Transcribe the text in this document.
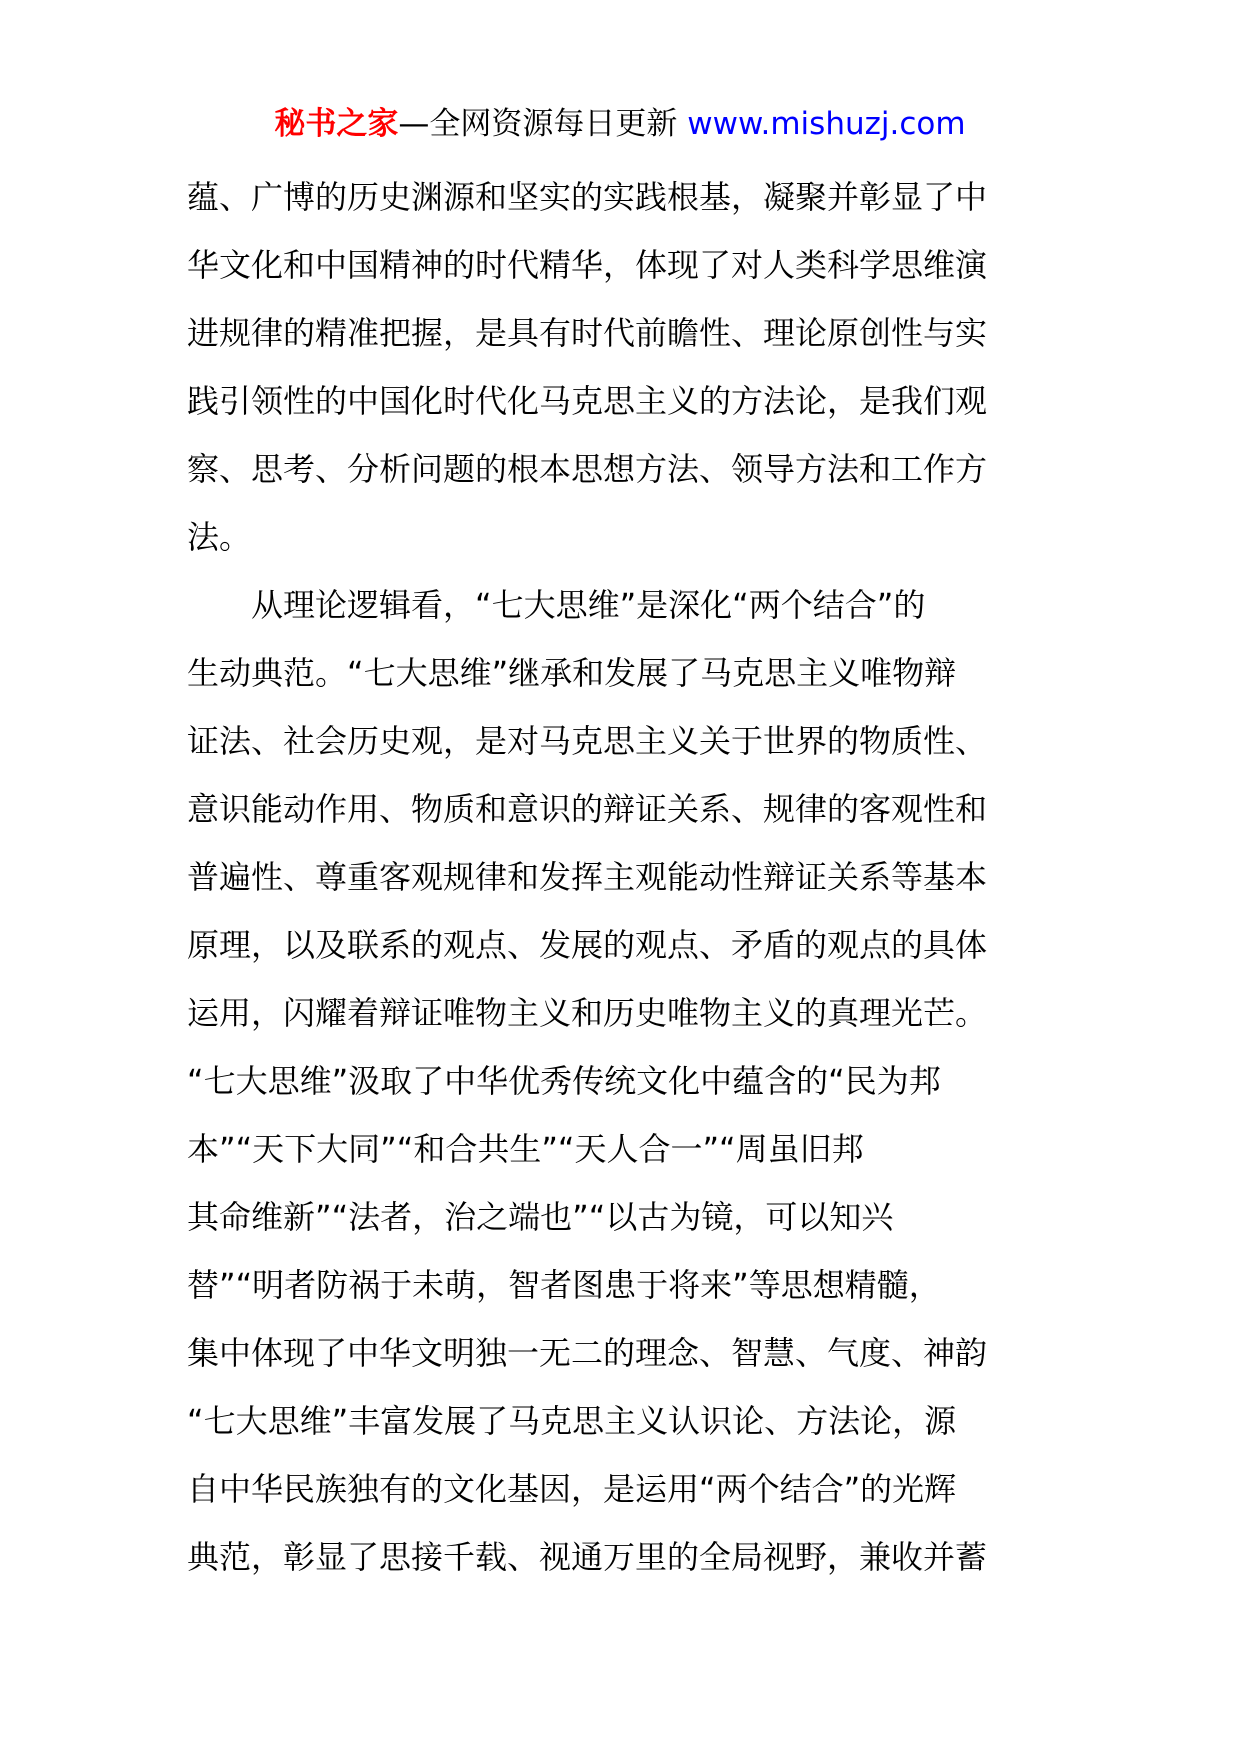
秘书之家—全网资源每日更新 www.mishuzj.com
蕴、广博的历史渊源和坚实的实践根基，凝聚并彰显了中
华文化和中国精神的时代精华，体现了对人类科学思维演
进规律的精准把握，是具有时代前瞻性、理论原创性与实
践引领性的中国化时代化马克思主义的方法论，是我们观
察、思考、分析问题的根本思想方法、领导方法和工作方
法。
从理论逻辑看，“七大思维”是深化“两个结合”的
生动典范。“七大思维”继承和发展了马克思主义唯物辩
证法、社会历史观，是对马克思主义关于世界的物质性、
意识能动作用、物质和意识的辩证关系、规律的客观性和
普遍性、尊重客观规律和发挥主观能动性辩证关系等基本
原理，以及联系的观点、发展的观点、矛盾的观点的具体
运用，闪耀着辩证唯物主义和历史唯物主义的真理光芒。
“七大思维”汲取了中华优秀传统文化中蕴含的“民为邦
本”“天下大同”“和合共生”“天人合一”“周虽旧邦
其命维新”“法者，治之端也”“以古为镜，可以知兴
替”“明者防祸于未萌，智者图患于将来”等思想精髓，
集中体现了中华文明独一无二的理念、智慧、气度、神韵
“七大思维”丰富发展了马克思主义认识论、方法论，源
自中华民族独有的文化基因，是运用“两个结合”的光辉
典范，彰显了思接千载、视通万里的全局视野，兼收并蓄
